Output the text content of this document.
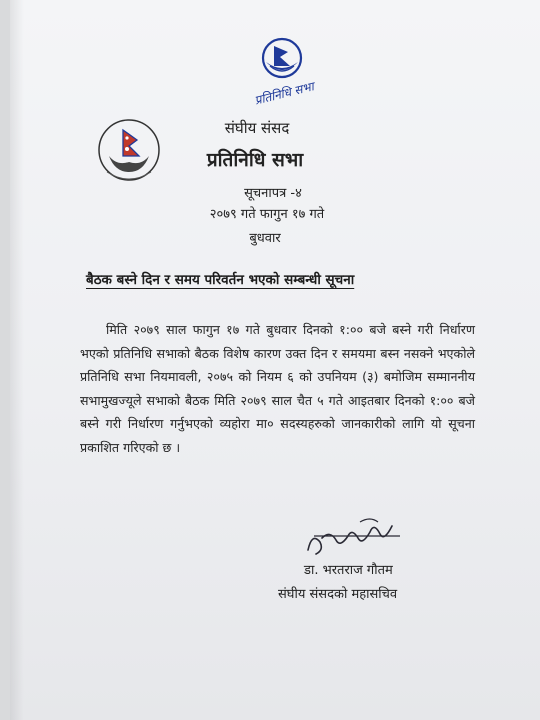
प्रतिनिधि सभा
संघीय संसद
प्रतिनिधि सभा
सूचनापत्र -४
२०७९ गते फागुन १७ गते
बुधवार
बैठक बस्ने दिन र समय परिवर्तन भएको सम्बन्धी सूचना
मिति २०७९ साल फागुन १७ गते बुधवार दिनको १:०० बजे बस्ने गरी निर्धारण भएको प्रतिनिधि सभाको बैठक विशेष कारण उक्त दिन र समयमा बस्न नसक्ने भएकोले प्रतिनिधि सभा नियमावली, २०७५ को नियम ६ को उपनियम (३) बमोजिम सम्माननीय सभामुखज्यूले सभाको बैठक मिति २०७९ साल चैत ५ गते आइतबार दिनको १:०० बजे बस्ने गरी निर्धारण गर्नुभएको व्यहोरा मा० सदस्यहरुको जानकारीको लागि यो सूचना प्रकाशित गरिएको छ ।
डा. भरतराज गौतम
संघीय संसदको महासचिव
